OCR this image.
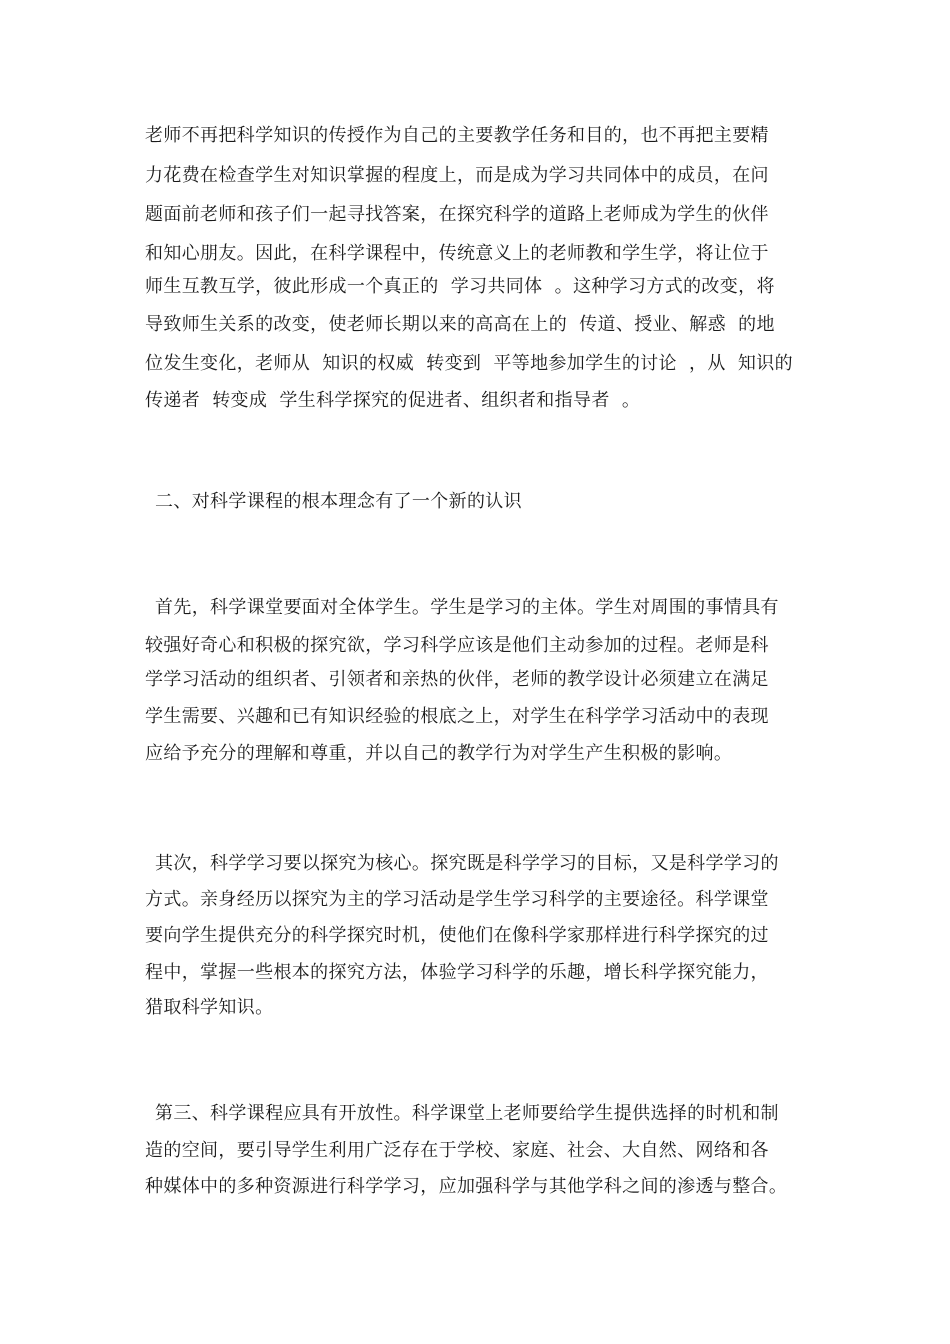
老师不再把科学知识的传授作为自己的主要教学任务和目的，也不再把主要精
力花费在检查学生对知识掌握的程度上，而是成为学习共同体中的成员，在问
题面前老师和孩子们一起寻找答案，在探究科学的道路上老师成为学生的伙伴
和知心朋友。因此，在科学课程中，传统意义上的老师教和学生学，将让位于
师生互教互学，彼此形成一个真正的  学习共同体  。这种学习方式的改变，将
导致师生关系的改变，使老师长期以来的高高在上的  传道、授业、解惑  的地
位发生变化，老师从  知识的权威  转变到  平等地参加学生的讨论  ，从  知识的
传递者  转变成  学生科学探究的促进者、组织者和指导者  。
二、对科学课程的根本理念有了一个新的认识
首先，科学课堂要面对全体学生。学生是学习的主体。学生对周围的事情具有
较强好奇心和积极的探究欲，学习科学应该是他们主动参加的过程。老师是科
学学习活动的组织者、引领者和亲热的伙伴，老师的教学设计必须建立在满足
学生需要、兴趣和已有知识经验的根底之上，对学生在科学学习活动中的表现
应给予充分的理解和尊重，并以自己的教学行为对学生产生积极的影响。
其次，科学学习要以探究为核心。探究既是科学学习的目标，又是科学学习的
方式。亲身经历以探究为主的学习活动是学生学习科学的主要途径。科学课堂
要向学生提供充分的科学探究时机，使他们在像科学家那样进行科学探究的过
程中，掌握一些根本的探究方法，体验学习科学的乐趣，增长科学探究能力，
猎取科学知识。
第三、科学课程应具有开放性。科学课堂上老师要给学生提供选择的时机和制
造的空间，要引导学生利用广泛存在于学校、家庭、社会、大自然、网络和各
种媒体中的多种资源进行科学学习，应加强科学与其他学科之间的渗透与整合。
